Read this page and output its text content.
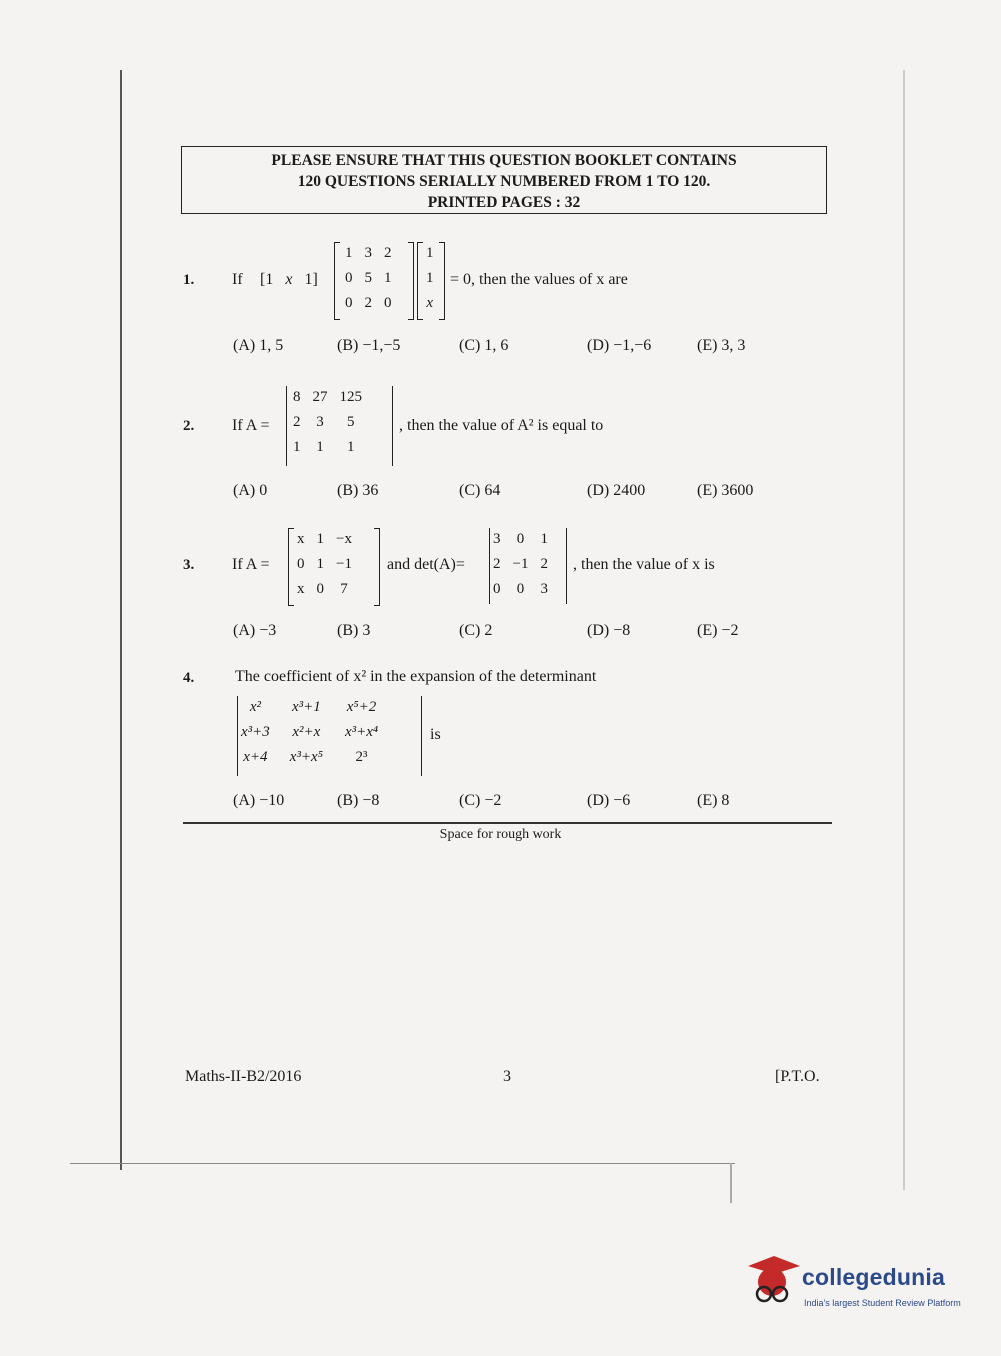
PLEASE ENSURE THAT THIS QUESTION BOOKLET CONTAINS
120 QUESTIONS SERIALLY NUMBERED FROM 1 TO 120.
PRINTED PAGES : 32
1. If [1 x 1]
1	3	2
0	5	1
0	2	0
1
1
x
= 0, then the values of x are
(A) 1, 5	(B) −1,−5	(C) 1, 6	(D) −1,−6	(E) 3, 3
2. If A =
8	27	125
2	3	5
1	1	1
, then the value of A² is equal to
(A) 0	(B) 36	(C) 64	(D) 2400	(E) 3600
3. If A =
x	1	−x
0	1	−1
x	0	7
and det(A)=
3	0	1
2	−1	2
0	0	3
, then the value of x is
(A) −3	(B) 3	(C) 2	(D) −8	(E) −2
4.	The coefficient of x² in the expansion of the determinant
x²	x³+1	x⁵+2
x³+3	x²+x	x³+x⁴
x+4	x³+x⁵	2³
is
(A) −10	(B) −8	(C) −2	(D) −6	(E) 8
Space for rough work
Maths-II-B2/2016	3	[P.T.O.
collegedunia
India's largest Student Review Platform
